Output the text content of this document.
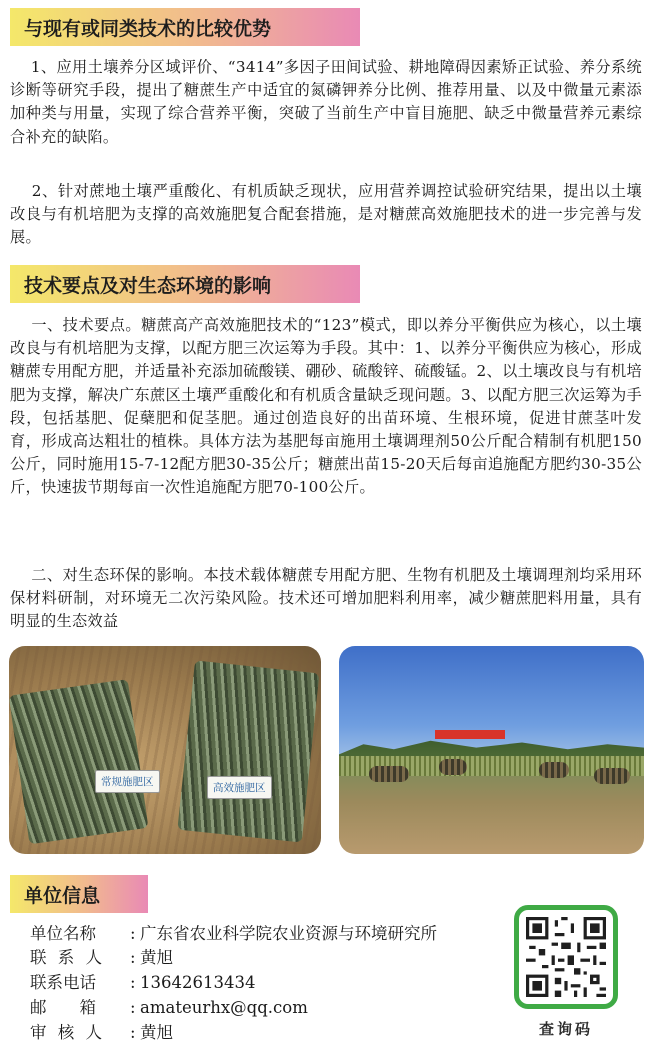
与现有或同类技术的比较优势

1、应用土壤养分区域评价、“3414”多因子田间试验、耕地障碍因素矫正试验、养分系统诊断等研究手段，提出了糖蔗生产中适宜的氮磷钾养分比例、推荐用量、以及中微量元素添加种类与用量，实现了综合营养平衡，突破了当前生产中盲目施肥、缺乏中微量营养元素综合补充的缺陷。

2、针对蔗地土壤严重酸化、有机质缺乏现状，应用营养调控试验研究结果，提出以土壤改良与有机培肥为支撑的高效施肥复合配套措施，是对糖蔗高效施肥技术的进一步完善与发展。

技术要点及对生态环境的影响

一、技术要点。糖蔗高产高效施肥技术的“123”模式，即以养分平衡供应为核心，以土壤改良与有机培肥为支撑，以配方肥三次运筹为手段。其中：1、以养分平衡供应为核心，形成糖蔗专用配方肥，并适量补充添加硫酸镁、硼砂、硫酸锌、硫酸锰。2、以土壤改良与有机培肥为支撑，解决广东蔗区土壤严重酸化和有机质含量缺乏现问题。3、以配方肥三次运筹为手段，包括基肥、促蘖肥和促茎肥。通过创造良好的出苗环境、生根环境，促进甘蔗茎叶发育，形成高达粗壮的植株。具体方法为基肥每亩施用土壤调理剂50公斤配合精制有机肥150公斤，同时施用15-7-12配方肥30-35公斤；糖蔗出苗15-20天后每亩追施配方肥约30-35公斤，快速拔节期每亩一次性追施配方肥70-100公斤。

二、对生态环保的影响。本技术载体糖蔗专用配方肥、生物有机肥及土壤调理剂均采用环保材料研制，对环境无二次污染风险。技术还可增加肥料利用率，减少糖蔗肥料用量，具有明显的生态效益

常规施肥区	高效施肥区
单位信息
单位名称	: 广东省农业科学院农业资源与环境研究所
联 系 人	: 黄旭
联系电话	: 13642613434
邮　　箱	: amateurhx@qq.com
审 核 人	: 黄旭	查询码
